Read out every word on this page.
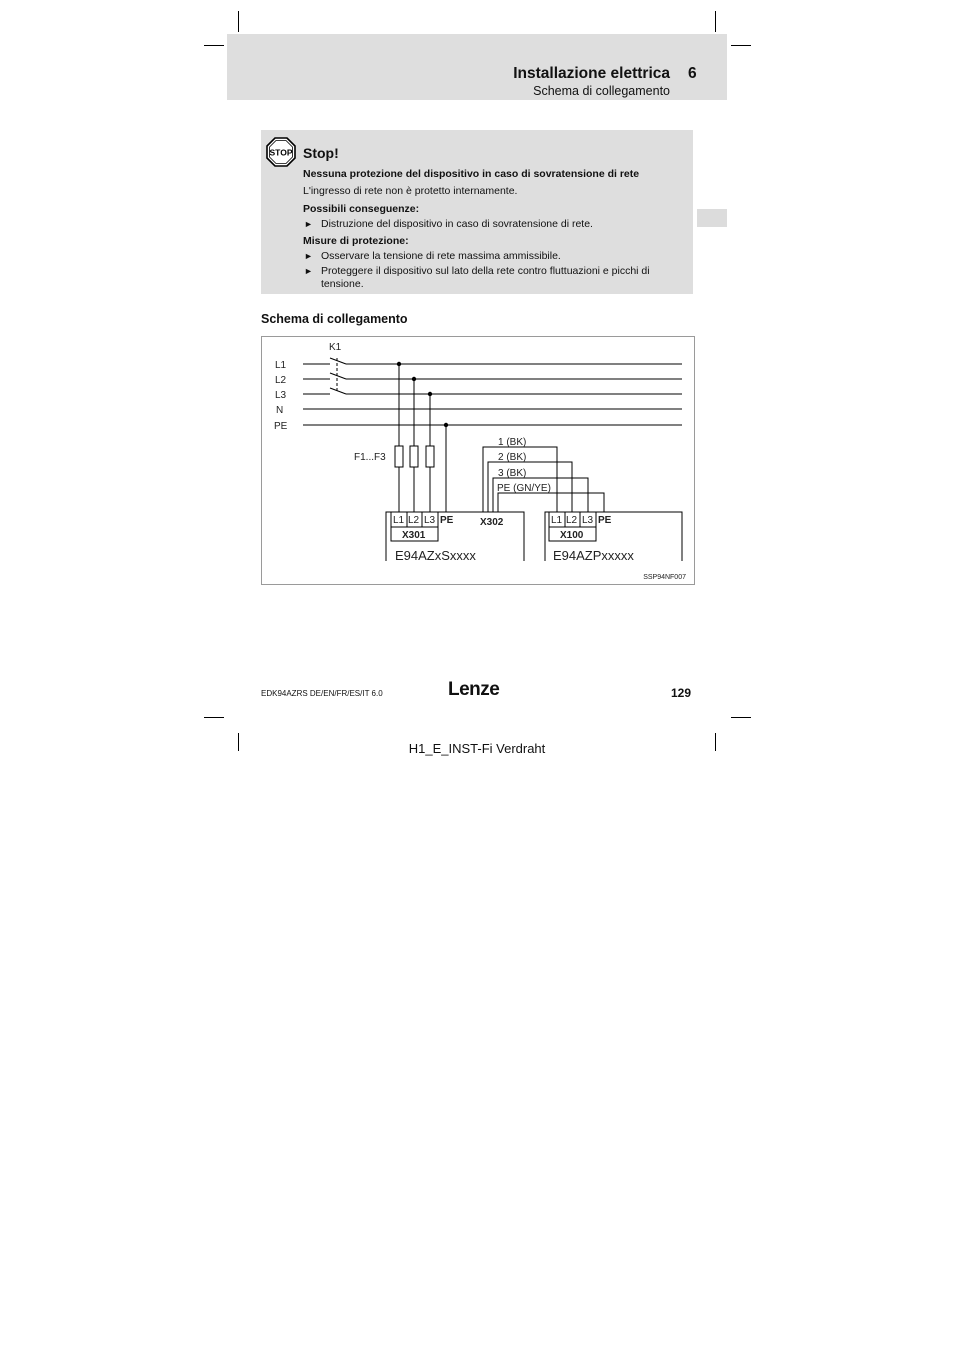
Installazione elettrica 6
Schema di collegamento
STOP Stop!
Nessuna protezione del dispositivo in caso di sovratensione di rete
L'ingresso di rete non è protetto internamente.
Possibili conseguenze:
► Distruzione del dispositivo in caso di sovratensione di rete.
Misure di protezione:
► Osservare la tensione di rete massima ammissibile.
► Proteggere il dispositivo sul lato della rete contro fluttuazioni e picchi di
tensione.
Schema di collegamento
K1
L1
L2
L3
N
PE
F1...F3
1 (BK)
2 (BK)
3 (BK)
PE (GN/YE)
L1 L2 L3 PE
X301
X302	L1 L2 L3 PE
X100
E94AZxSxxxx	E94AZPxxxxx
SSP94NF007
EDK94AZRS DE/EN/FR/ES/IT 6.0	Lenze	129
H1_E_INST-Fi Verdraht
